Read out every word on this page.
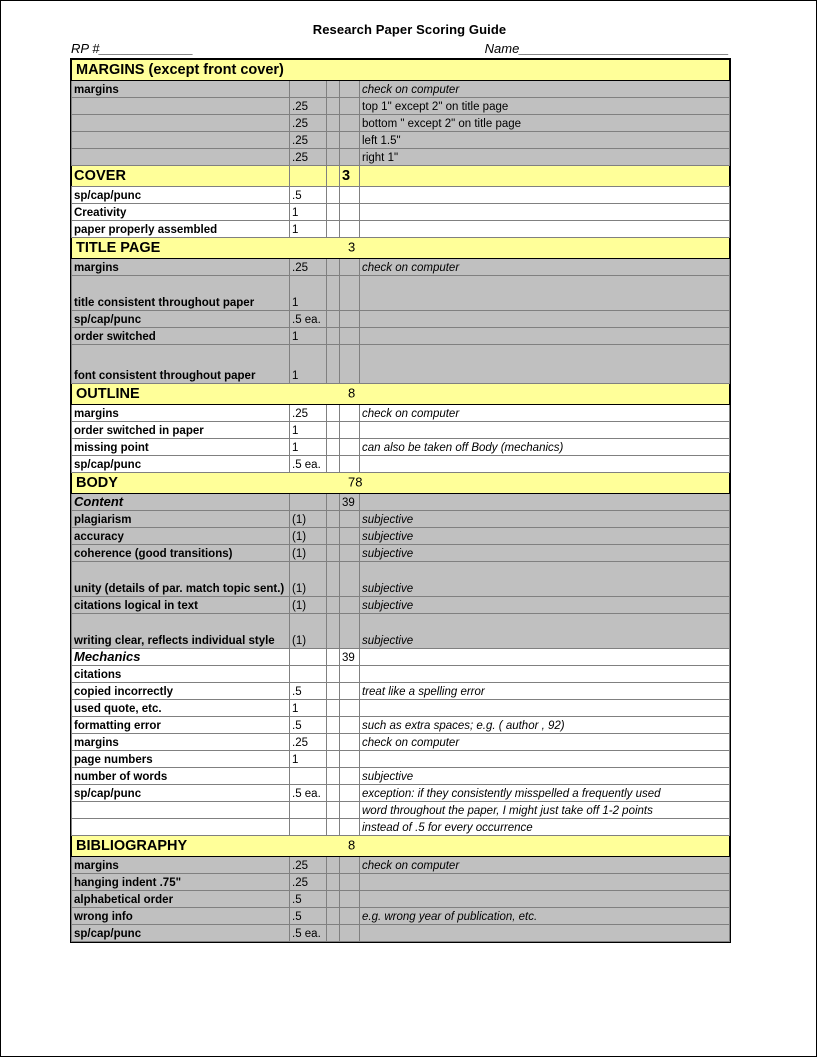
Research Paper Scoring Guide
RP #_____________	Name_____________________________
MARGINS (except front cover)				

margins				check on computer
	.25			top 1" except 2" on title page
	.25			bottom " except 2" on title page
	.25			left 1.5"
	.25			right 1"
COVER			3	
sp/cap/punc	.5			
Creativity	1			
paper properly assembled	1			

TITLE PAGE 3				

margins	.25			check on computer
title consistent throughout paper	1			
sp/cap/punc	.5 ea.			
order switched	1			
font consistent throughout paper	1			

OUTLINE 8				

margins	.25			check on computer
order switched in paper	1			
missing point	1			can also be taken off Body (mechanics)
sp/cap/punc	.5 ea.			

BODY 78				

Content			39	
plagiarism	(1)			subjective
accuracy	(1)			subjective
coherence (good transitions)	(1)			subjective
unity (details of par. match topic sent.)	(1)			subjective
citations logical in text	(1)			subjective
writing clear, reflects individual style	(1)			subjective
Mechanics			39	
citations				
copied incorrectly	.5			treat like a spelling error
used quote, etc.	1			
formatting error	.5			such as extra spaces; e.g. ( author , 92)
margins	.25			check on computer
page numbers	1			
number of words				subjective
sp/cap/punc	.5 ea.			exception: if they consistently misspelled a frequently used
				word throughout the paper, I might just take off 1-2 points
				instead of .5 for every occurrence

BIBLIOGRAPHY 8				

margins	.25			check on computer
hanging indent .75"	.25			
alphabetical order	.5			
wrong info	.5			e.g. wrong year of publication, etc.
sp/cap/punc	.5 ea.			
